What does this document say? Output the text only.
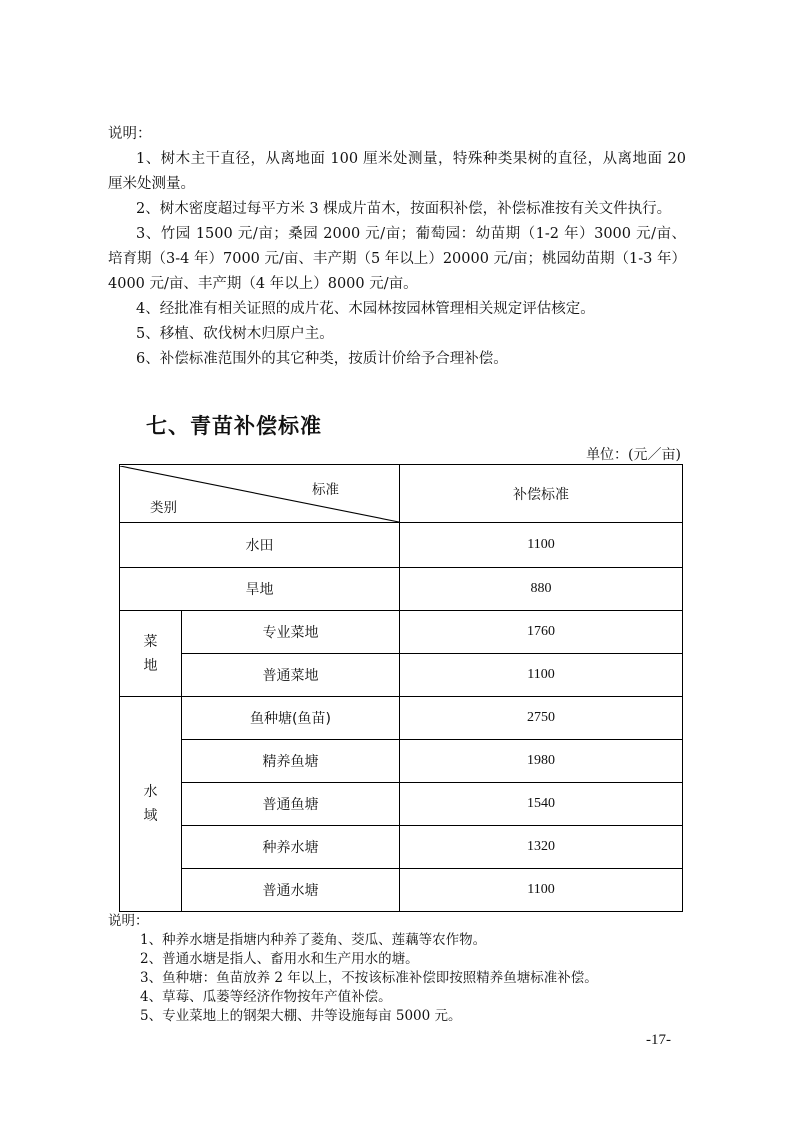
说明：
1、树木主干直径，从离地面 100 厘米处测量，特殊种类果树的直径，从离地面 20 厘米处测量。
2、树木密度超过每平方米 3 棵成片苗木，按面积补偿，补偿标准按有关文件执行。
3、竹园 1500 元/亩；桑园 2000 元/亩；葡萄园：幼苗期（1-2 年）3000 元/亩、 培育期（3-4 年）7000 元/亩、丰产期（5 年以上）20000 元/亩；桃园幼苗期（1-3 年） 4000 元/亩、丰产期（4 年以上）8000 元/亩。
4、经批准有相关证照的成片花、木园林按园林管理相关规定评估核定。
5、移植、砍伐树木归原户主。
6、补偿标准范围外的其它种类，按质计价给予合理补偿。
七、青苗补偿标准
单位：(元／亩)
标准
类别		补偿标准
水田		1100
旱地		880
菜地	专业菜地	1760
	普通菜地	1100
水域	鱼种塘(鱼苗)	2750
	精养鱼塘	1980
	普通鱼塘	1540
	种养水塘	1320
	普通水塘	1100
说明：
1、种养水塘是指塘内种养了菱角、茭瓜、莲藕等农作物。
2、普通水塘是指人、畜用水和生产用水的塘。
3、鱼种塘：鱼苗放养 2 年以上，不按该标准补偿即按照精养鱼塘标准补偿。
4、草莓、瓜蒌等经济作物按年产值补偿。
5、专业菜地上的钢架大棚、井等设施每亩 5000 元。
-17-
